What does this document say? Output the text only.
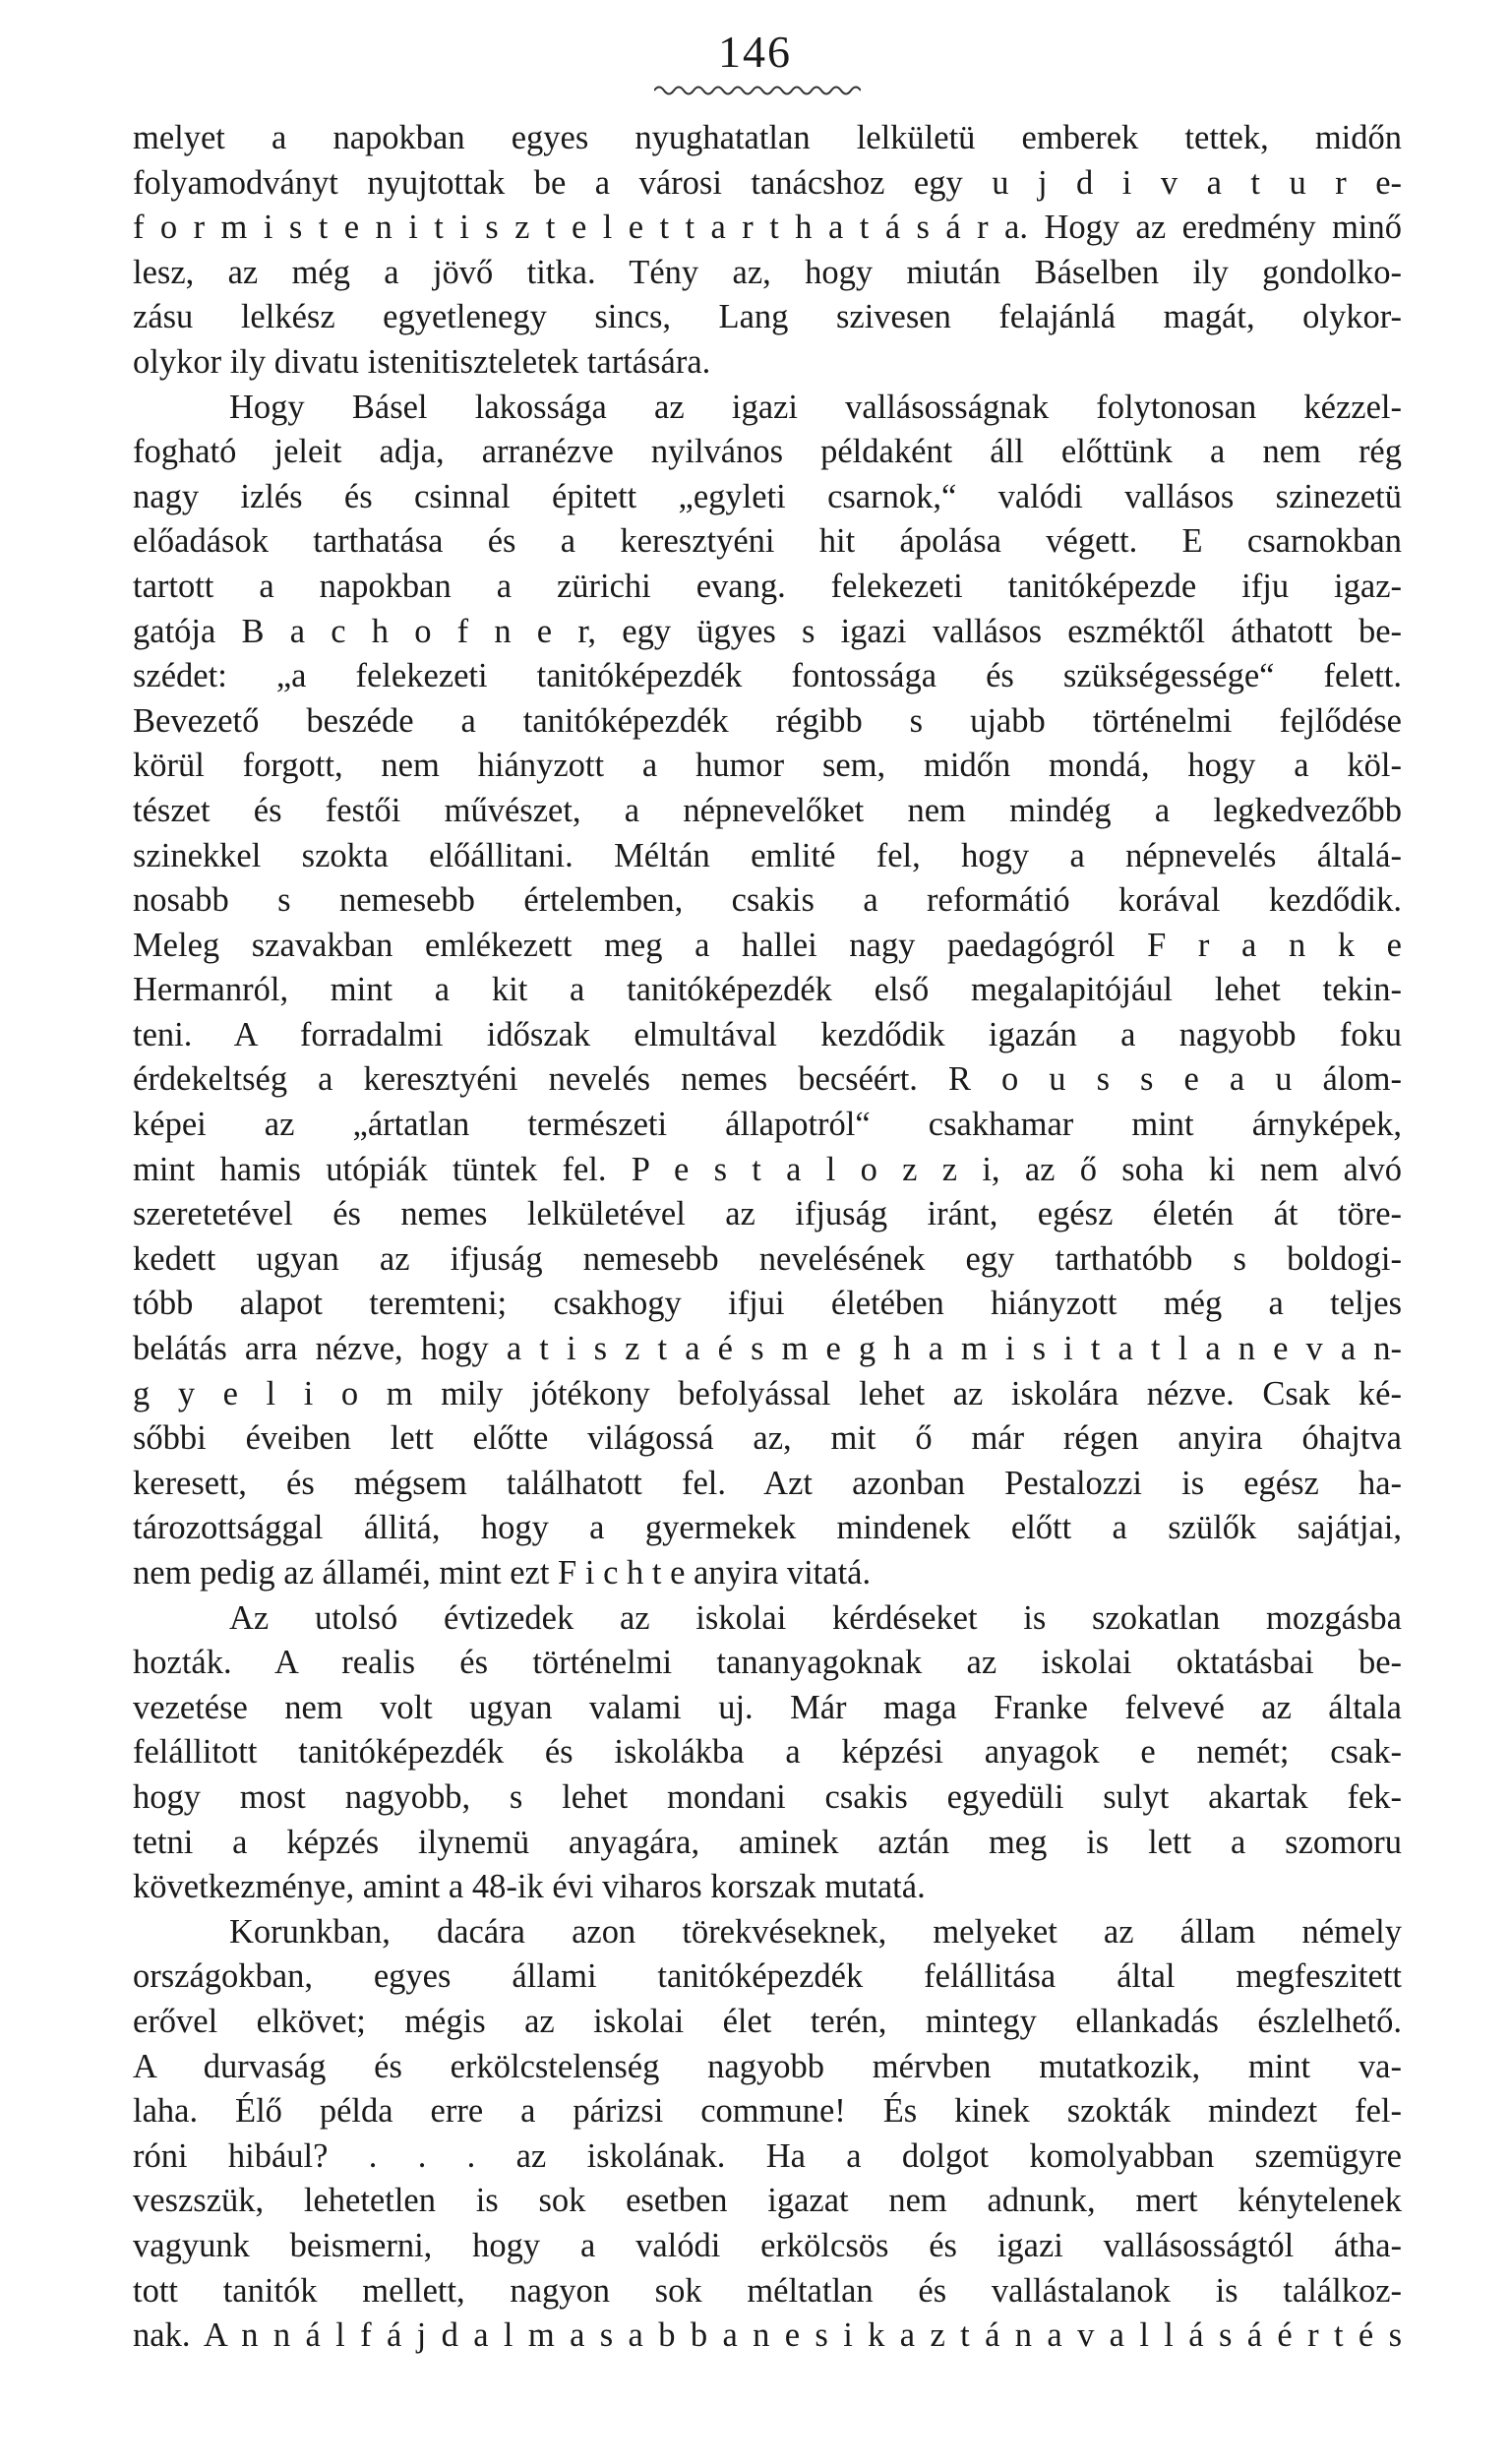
146
melyet a napokban egyes nyughatatlan lelkületü emberek tettek, midőn
folyamodványt nyujtottak be a városi tanácshoz egy u j d i v a t u r e-
f o r m i s t e n i t i s z t e l e t t a r t h a t á s á r a. Hogy az eredmény minő
lesz, az még a jövő titka. Tény az, hogy miután Báselben ily gondolko-
zásu lelkész egyetlenegy sincs, Lang szivesen felajánlá magát, olykor-
olykor ily divatu istenitiszteletek tartására.
Hogy Básel lakossága az igazi vallásosságnak folytonosan kézzel-
fogható jeleit adja, arranézve nyilvános példaként áll előttünk a nem rég
nagy izlés és csinnal épitett „egyleti csarnok,“ valódi vallásos szinezetü
előadások tarthatása és a keresztyéni hit ápolása végett. E csarnokban
tartott a napokban a zürichi evang. felekezeti tanitóképezde ifju igaz-
gatója B a c h o f n e r, egy ügyes s igazi vallásos eszméktől áthatott be-
szédet: „a felekezeti tanitóképezdék fontossága és szükségessége“ felett.
Bevezető beszéde a tanitóképezdék régibb s ujabb történelmi fejlődése
körül forgott, nem hiányzott a humor sem, midőn mondá, hogy a köl-
tészet és festői művészet, a népnevelőket nem mindég a legkedvezőbb
szinekkel szokta előállitani. Méltán emlité fel, hogy a népnevelés általá-
nosabb s nemesebb értelemben, csakis a reformátió korával kezdődik.
Meleg szavakban emlékezett meg a hallei nagy paedagógról F r a n k e
Hermanról, mint a kit a tanitóképezdék első megalapitójául lehet tekin-
teni. A forradalmi időszak elmultával kezdődik igazán a nagyobb foku
érdekeltség a keresztyéni nevelés nemes becséért. R o u s s e a u álom-
képei az „ártatlan természeti állapotról“ csakhamar mint árnyképek,
mint hamis utópiák tüntek fel. P e s t a l o z z i, az ő soha ki nem alvó
szeretetével és nemes lelkületével az ifjuság iránt, egész életén át törе-
kedett ugyan az ifjuság nemesebb nevelésének egy tarthatóbb s boldogi-
tóbb alapot teremteni; csakhogy ifjui életében hiányzott még a teljes
belátás arra nézve, hogy a t i s z t a é s m e g h a m i s i t a t l a n e v a n-
g y e l i o m mily jótékony befolyással lehet az iskolára nézve. Csak ké-
sőbbi éveiben lett előtte világossá az, mit ő már régen anyira óhajtva
keresett, és mégsem találhatott fel. Azt azonban Pestalozzi is egész ha-
tározottsággal állitá, hogy a gyermekek mindenek előtt a szülők sajátjai,
nem pedig az államéi, mint ezt F i c h t e anyira vitatá.
Az utolsó évtizedek az iskolai kérdéseket is szokatlan mozgásba
hozták. A realis és történelmi tananyagoknak az iskolai oktatásbai be-
vezetése nem volt ugyan valami uj. Már maga Franke felvevé az általa
felállitott tanitóképezdék és iskolákba a képzési anyagok e nemét; csak-
hogy most nagyobb, s lehet mondani csakis egyedüli sulyt akartak fek-
tetni a képzés ilynemü anyagára, aminek aztán meg is lett a szomoru
következménye, amint a 48-ik évi viharos korszak mutatá.
Korunkban, dacára azon törekvéseknek, melyeket az állam némely
országokban, egyes állami tanitóképezdék felállitása által megfeszitett
erővel elkövet; mégis az iskolai élet terén, mintegy ellankadás észlelhető.
A durvaság és erkölcstelenség nagyobb mérvben mutatkozik, mint va-
laha. Élő példa erre a párizsi commune! És kinek szokták mindezt fel-
róni hibául? . . . az iskolának. Ha a dolgot komolyabban szemügyre
veszszük, lehetetlen is sok esetben igazat nem adnunk, mert kénytelenek
vagyunk beismerni, hogy a valódi erkölcsös és igazi vallásosságtól átha-
tott tanitók mellett, nagyon sok méltatlan és vallástalanok is találkoz-
nak. A n n á l f á j d a l m a s a b b a n e s i k a z t á n a v a l l á s á é r t é s
